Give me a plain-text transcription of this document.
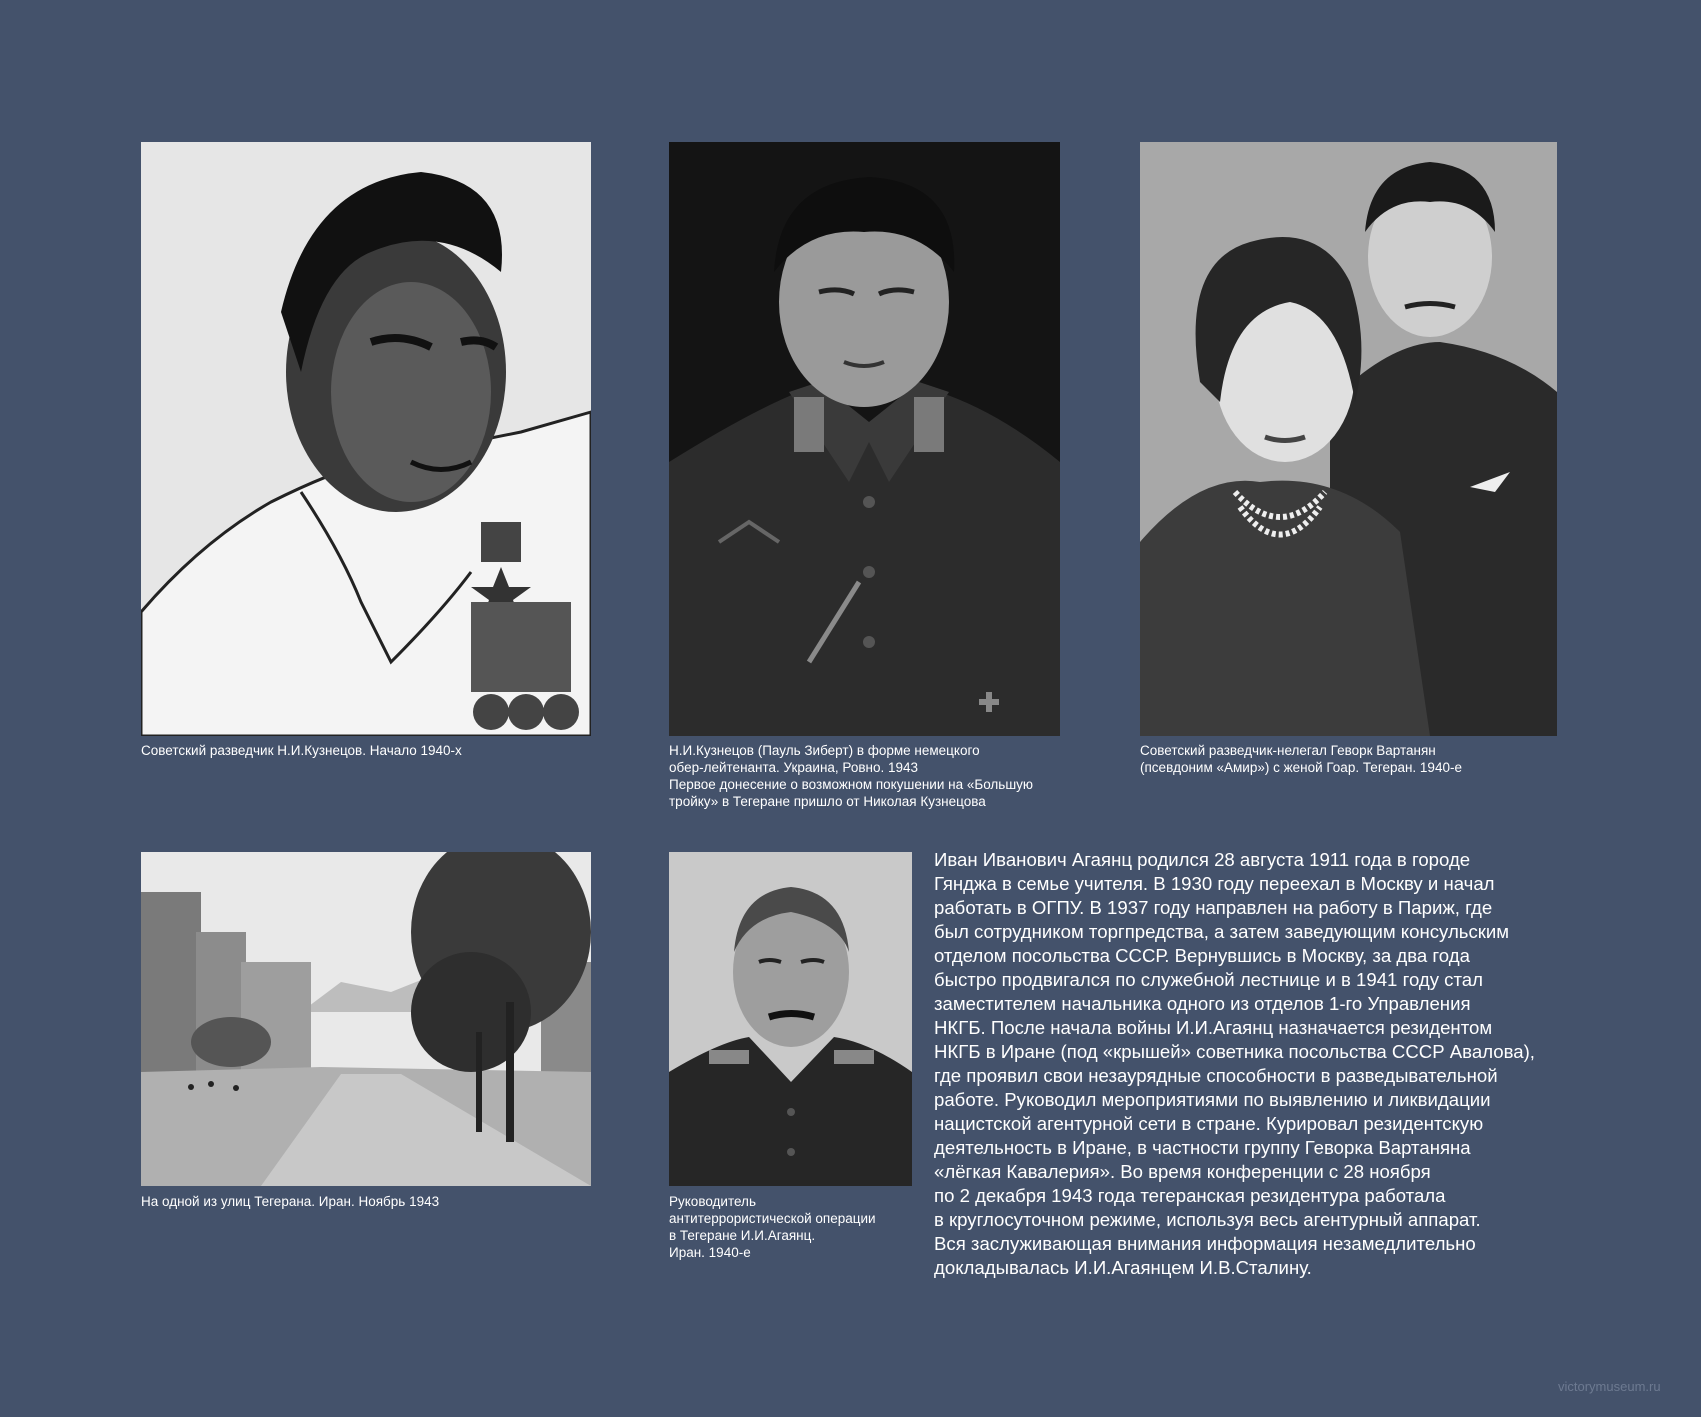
Советский разведчик Н.И.Кузнецов. Начало 1940-х	Н.И.Кузнецов (Пауль Зиберт) в форме немецкого
обер-лейтенанта. Украина, Ровно. 1943
Первое донесение о возможном покушении на «Большую
тройку» в Тегеране пришло от Николая Кузнецова
Советский разведчик-нелегал Геворк Вартанян
(псевдоним «Амир») с женой Гоар. Тегеран. 1940-е
На одной из улиц Тегерана. Иран. Ноябрь 1943	Руководитель
антитеррористической операции
в Тегеране И.И.Агаянц.
Иран. 1940-е
Иван Иванович Агаянц родился 28 августа 1911 года в городе
Гянджа в семье учителя. В 1930 году переехал в Москву и начал
работать в ОГПУ. В 1937 году направлен на работу в Париж, где
был сотрудником торгпредства, а затем заведующим консульским
отделом посольства СССР. Вернувшись в Москву, за два года
быстро продвигался по служебной лестнице и в 1941 году стал
заместителем начальника одного из отделов 1-го Управления
НКГБ. После начала войны И.И.Агаянц назначается резидентом
НКГБ в Иране (под «крышей» советника посольства СССР Авалова),
где проявил свои незаурядные способности в разведывательной
работе. Руководил мероприятиями по выявлению и ликвидации
нацистской агентурной сети в стране. Курировал резидентскую
деятельность в Иране, в частности группу Геворка Вартаняна
«лёгкая Кавалерия». Во время конференции с 28 ноября
по 2 декабря 1943 года тегеранская резидентура работала
в круглосуточном режиме, используя весь агентурный аппарат.
Вся заслуживающая внимания информация незамедлительно
докладывалась И.И.Агаянцем И.В.Сталину.
victorymuseum.ru
